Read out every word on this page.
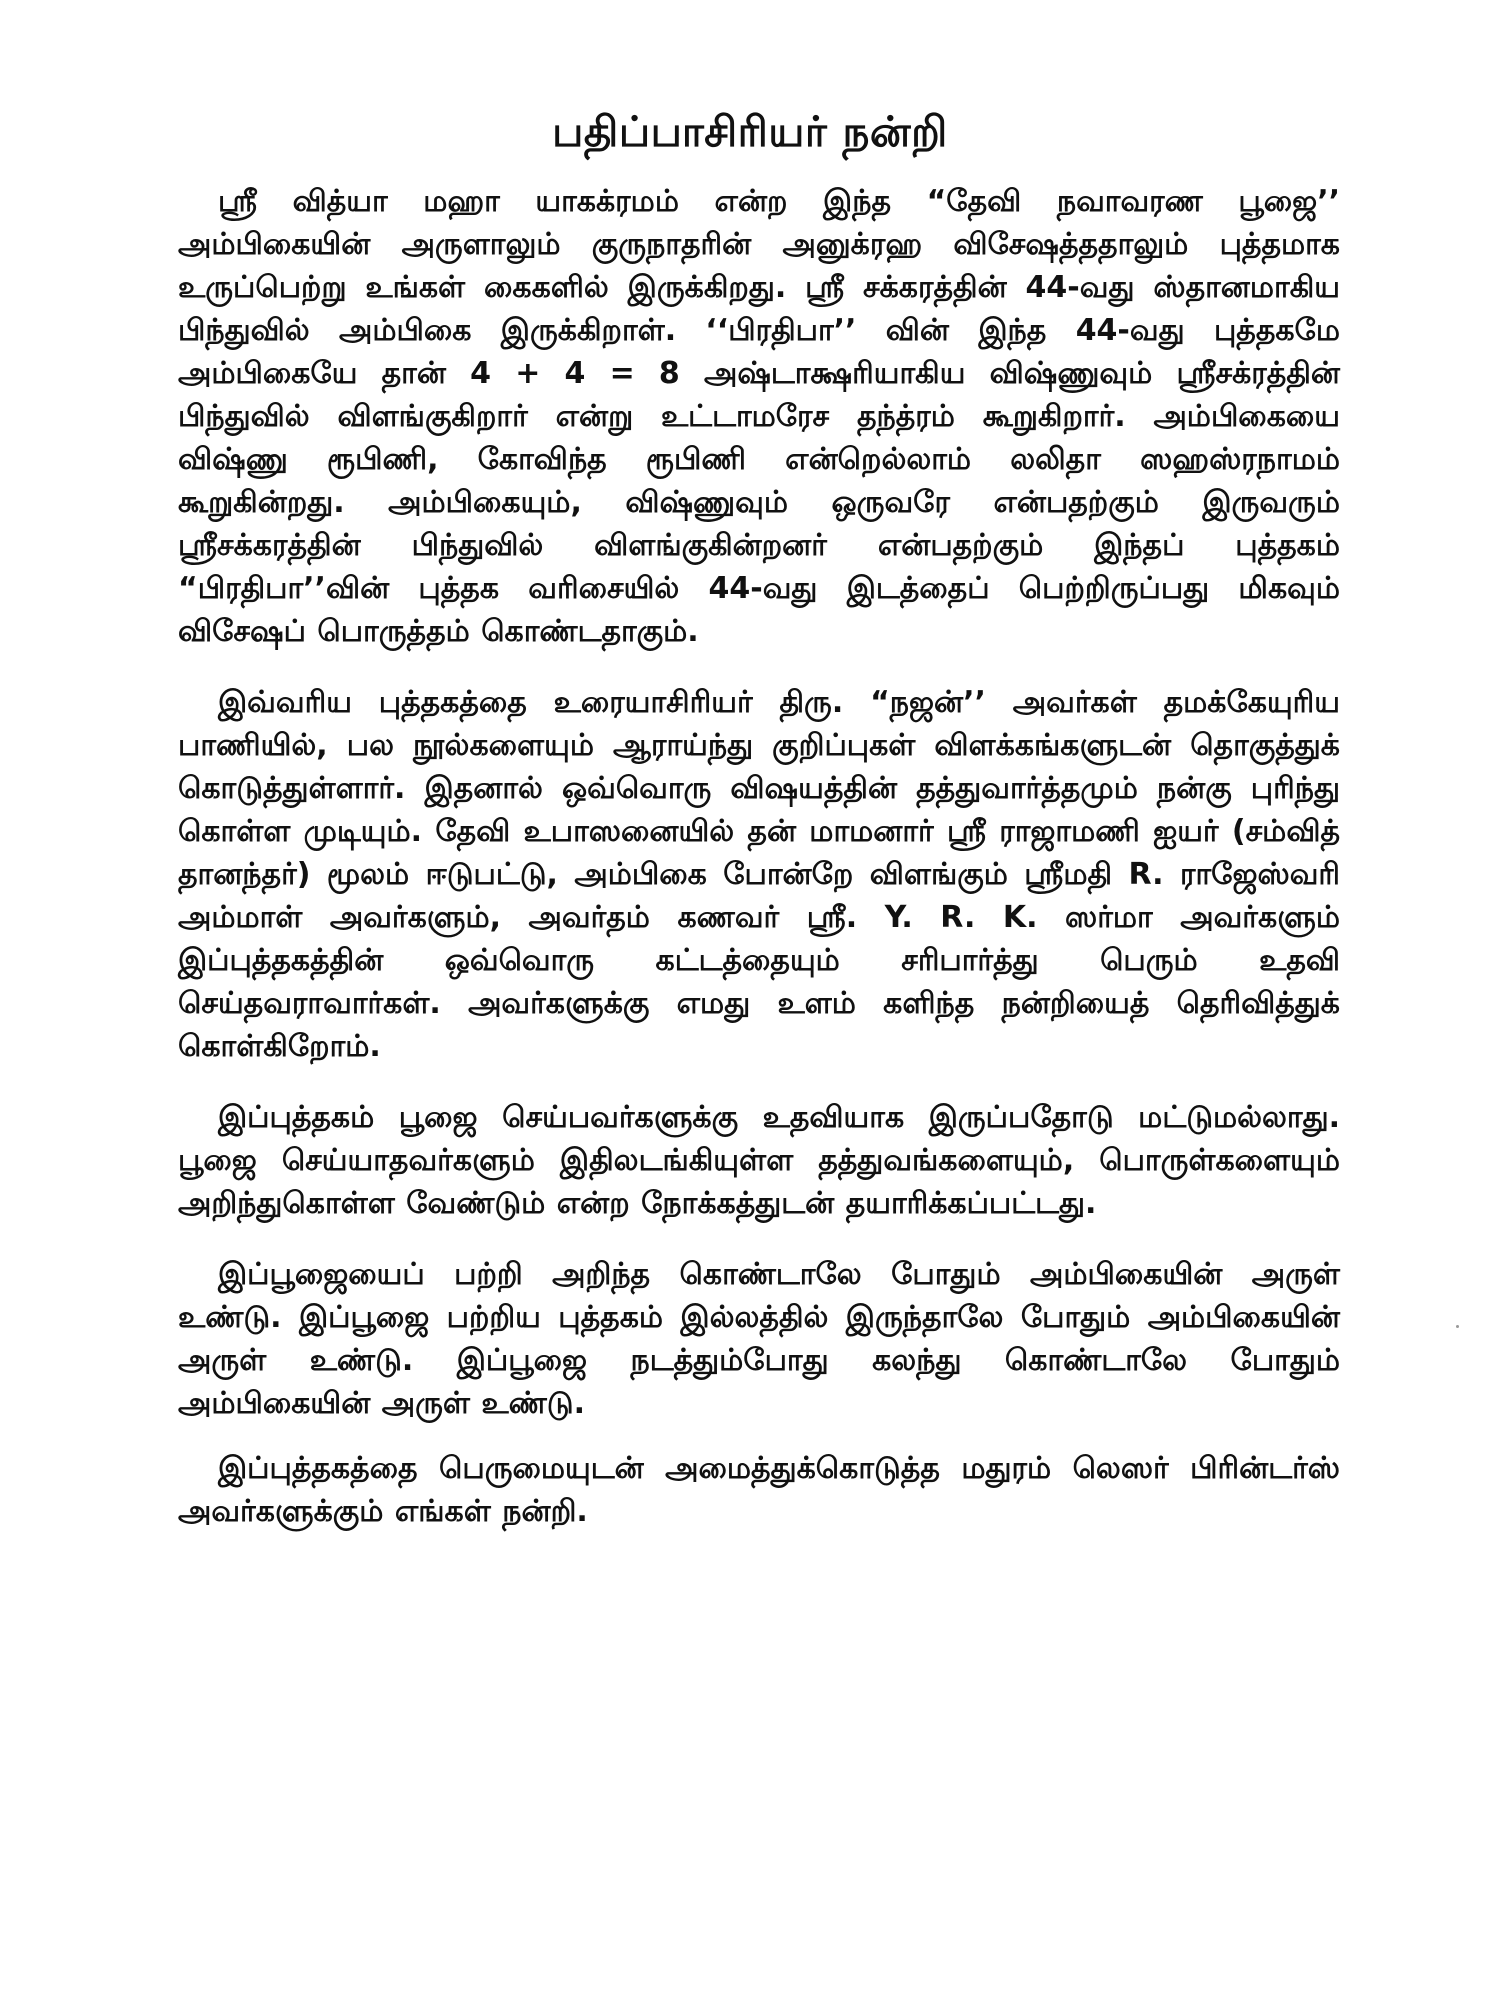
பதிப்பாசிரியர் நன்றி

ஸ்ரீ வித்யா மஹா யாகக்ரமம் என்ற இந்த “தேவி நவாவரண பூஜை’’ அம்பிகையின் அருளாலும் குருநாதரின் அனுக்ரஹ விசேஷத்ததாலும் புத்தமாக உருப்பெற்று உங்கள் கைகளில் இருக்கிறது. ஸ்ரீ சக்கரத்தின் 44-வது ஸ்தானமாகிய பிந்துவில் அம்பிகை இருக்கிறாள். ‘‘பிரதிபா’’ வின் இந்த 44-வது புத்தகமே அம்பிகையே தான் 4 + 4 = 8 அஷ்டாக்ஷரியாகிய விஷ்ணுவும் ஸ்ரீசக்ரத்தின் பிந்துவில் விளங்குகிறார் என்று உட்டாமரேச தந்த்ரம் கூறுகிறார். அம்பிகையை விஷ்ணு ரூபிணி, கோவிந்த ரூபிணி என்றெல்லாம் லலிதா ஸஹஸ்ரநாமம் கூறுகின்றது. அம்பிகையும், விஷ்ணுவும் ஒருவரே என்பதற்கும் இருவரும் ஸ்ரீசக்கரத்தின் பிந்துவில் விளங்குகின்றனர் என்பதற்கும் இந்தப் புத்தகம் “பிரதிபா’’வின் புத்தக வரிசையில் 44-வது இடத்தைப் பெற்றிருப்பது மிகவும் விசேஷப் பொருத்தம் கொண்டதாகும்.

இவ்வரிய புத்தகத்தை உரையாசிரியர் திரு. “நஜன்’’ அவர்கள் தமக்கேயுரிய பாணியில், பல நூல்களையும் ஆராய்ந்து குறிப்புகள் விளக்கங்களுடன் தொகுத்துக் கொடுத்துள்ளார். இதனால் ஒவ்வொரு விஷயத்தின் தத்துவார்த்தமும் நன்கு புரிந்து கொள்ள முடியும். தேவி உபாஸனையில் தன் மாமனார் ஸ்ரீ ராஜாமணி ஐயர் (சம்வித் தானந்தர்) மூலம் ஈடுபட்டு, அம்பிகை போன்றே விளங்கும் ஸ்ரீமதி R. ராஜேஸ்வரி அம்மாள் அவர்களும், அவர்தம் கணவர் ஸ்ரீ. Y. R. K. ஸர்மா அவர்களும் இப்புத்தகத்தின் ஒவ்வொரு கட்டத்தையும் சரிபார்த்து பெரும் உதவி செய்தவராவார்கள். அவர்களுக்கு எமது உளம் களிந்த நன்றியைத் தெரிவித்துக் கொள்கிறோம்.

இப்புத்தகம் பூஜை செய்பவர்களுக்கு உதவியாக இருப்பதோடு மட்டுமல்லாது. பூஜை செய்யாதவர்களும் இதிலடங்கியுள்ள தத்துவங்களையும், பொருள்களையும் அறிந்துகொள்ள வேண்டும் என்ற நோக்கத்துடன் தயாரிக்கப்பட்டது.

இப்பூஜையைப் பற்றி அறிந்த கொண்டாலே போதும் அம்பிகையின் அருள் உண்டு. இப்பூஜை பற்றிய புத்தகம் இல்லத்தில் இருந்தாலே போதும் அம்பிகையின் அருள் உண்டு. இப்பூஜை நடத்தும்போது கலந்து கொண்டாலே போதும் அம்பிகையின் அருள் உண்டு.

இப்புத்தகத்தை பெருமையுடன் அமைத்துக்கொடுத்த மதுரம் லெஸர் பிரின்டர்ஸ் அவர்களுக்கும் எங்கள் நன்றி.
